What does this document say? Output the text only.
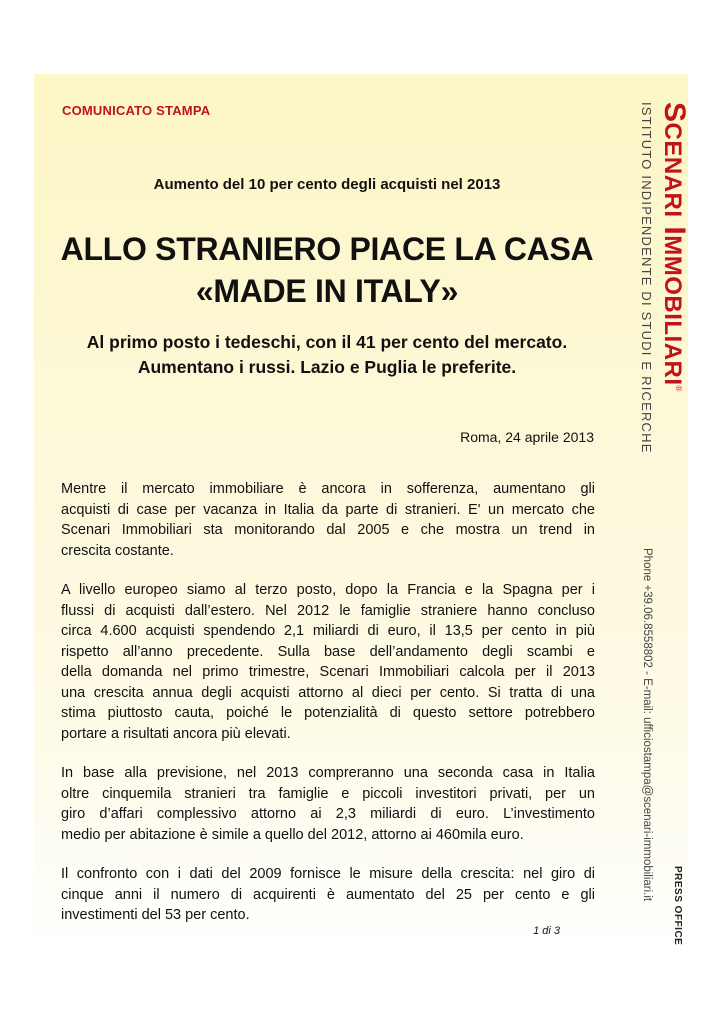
COMUNICATO STAMPA
Aumento del 10 per cento degli acquisti nel 2013
ALLO STRANIERO PIACE LA CASA
«MADE IN ITALY»
Al primo posto i tedeschi, con il 41 per cento del mercato.
Aumentano i russi. Lazio e Puglia le preferite.
Roma, 24 aprile 2013
Mentre il mercato immobiliare è ancora in sofferenza, aumentano gli
acquisti di case per vacanza in Italia da parte di stranieri. E' un mercato che
Scenari Immobiliari sta monitorando dal 2005 e che mostra un trend in
crescita costante.
A livello europeo siamo al terzo posto, dopo la Francia e la Spagna per i
flussi di acquisti dall’estero. Nel 2012 le famiglie straniere hanno concluso
circa 4.600 acquisti spendendo 2,1 miliardi di euro, il 13,5 per cento in più
rispetto all’anno precedente. Sulla base dell’andamento degli scambi e
della domanda nel primo trimestre, Scenari Immobiliari calcola per il 2013
una crescita annua degli acquisti attorno al dieci per cento. Si tratta di una
stima piuttosto cauta, poiché le potenzialità di questo settore potrebbero
portare a risultati ancora più elevati.
In base alla previsione, nel 2013 compreranno una seconda casa in Italia
oltre cinquemila stranieri tra famiglie e piccoli investitori privati, per un
giro d’affari complessivo attorno ai 2,3 miliardi di euro. L’investimento
medio per abitazione è simile a quello del 2012, attorno ai 460mila euro.
Il confronto con i dati del 2009 fornisce le misure della crescita: nel giro di
cinque anni il numero di acquirenti è aumentato del 25 per cento e gli
investimenti del 53 per cento.
1 di 3
SCENARI IMMOBILIARI®
ISTITUTO INDIPENDENTE DI STUDI E RICERCHE
Phone +39.06.8558802 - E-mail: ufficiostampa@scenari-immobiliari.it
PRESS OFFICE
